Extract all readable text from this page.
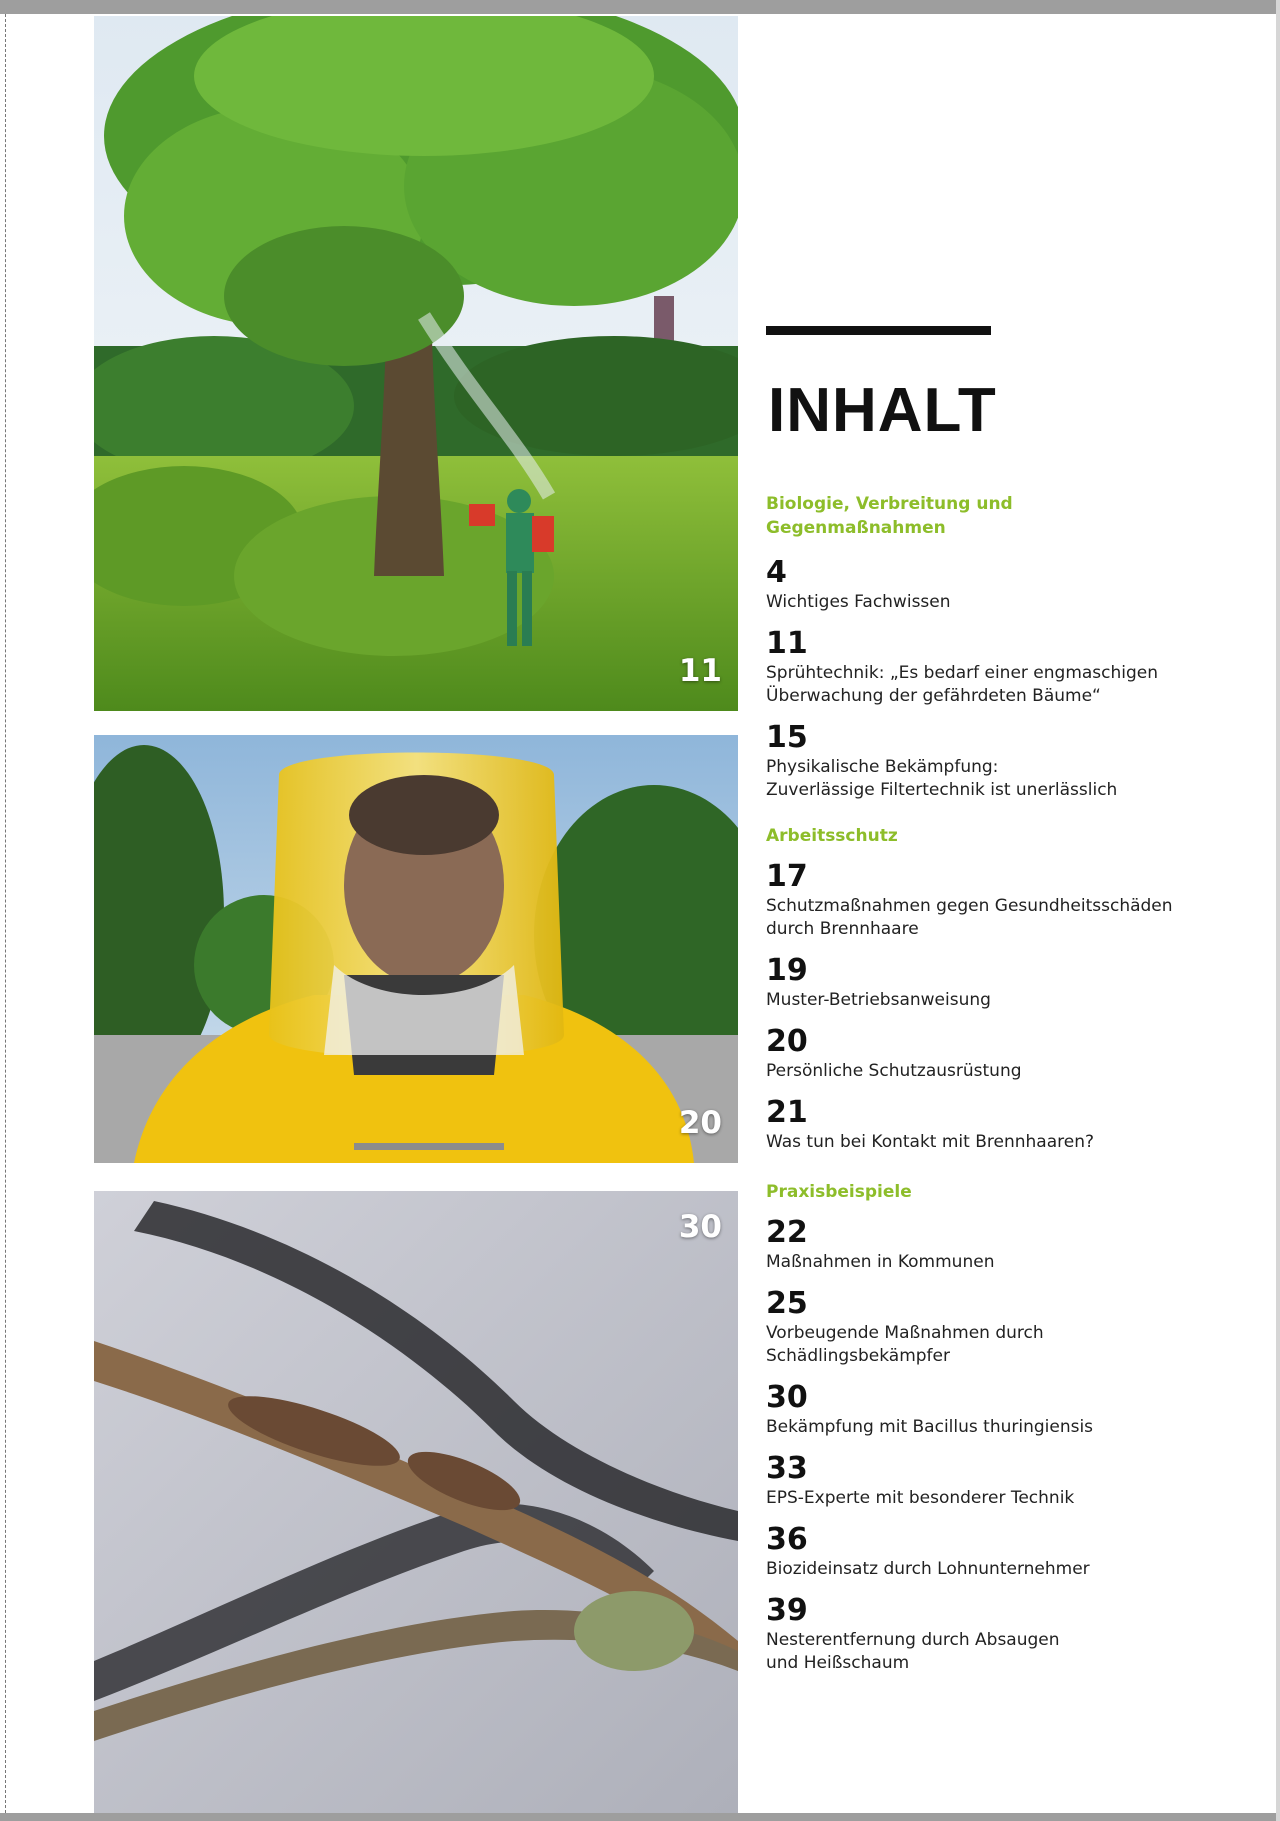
11
20
30
INHALT
Biologie, Verbreitung und
Gegenmaßnahmen
4
Wichtiges Fachwissen
11
Sprühtechnik: „Es bedarf einer engmaschigen
Überwachung der gefährdeten Bäume“
15
Physikalische Bekämpfung:
Zuverlässige Filtertechnik ist unerlässlich
Arbeitsschutz
17
Schutzmaßnahmen gegen Gesundheitsschäden
durch Brennhaare
19
Muster-Betriebsanweisung
20
Persönliche Schutzausrüstung
21
Was tun bei Kontakt mit Brennhaaren?
Praxisbeispiele
22
Maßnahmen in Kommunen
25
Vorbeugende Maßnahmen durch
Schädlingsbekämpfer
30
Bekämpfung mit Bacillus thuringiensis
33
EPS-Experte mit besonderer Technik
36
Biozideinsatz durch Lohnunternehmer
39
Nesterentfernung durch Absaugen
und Heißschaum
